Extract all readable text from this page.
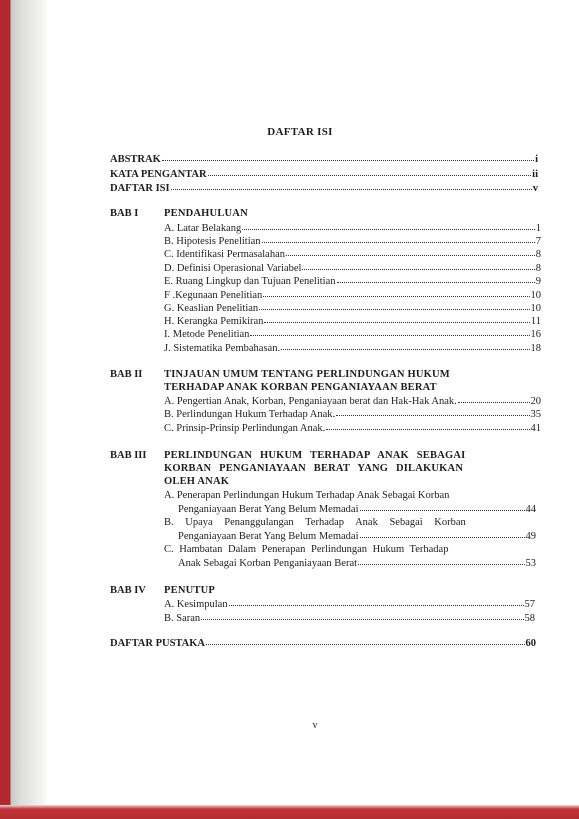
DAFTAR ISI
ABSTRAK	i
KATA PENGANTAR	ii
DAFTAR ISI	v
BAB I PENDAHULUAN
A. Latar Belakang	1
B. Hipotesis Penelitian	7
C. Identifikasi Permasalahan	8
D. Definisi Operasional Variabel	8
E. Ruang Lingkup dan Tujuan Penelitian	9
F .Kegunaan Penelitian	10
G. Keaslian Penelitian	10
H. Kerangka Pemikiran	11
I. Metode Penelitian	16
J. Sistematika Pembahasan.	18
BAB II TINJAUAN UMUM TENTANG PERLINDUNGAN HUKUM
TERHADAP ANAK KORBAN PENGANIAYAAN BERAT
A. Pengertian Anak, Korban, Penganiayaan berat dan Hak-Hak Anak.	20
B. Perlindungan Hukum Terhadap Anak.	35
C. Prinsip-Prinsip Perlindungan Anak.	41
BAB III PERLINDUNGAN HUKUM TERHADAP ANAK SEBAGAI
KORBAN PENGANIAYAAN BERAT YANG DILAKUKAN
OLEH ANAK
A. Penerapan Perlindungan Hukum Terhadap Anak Sebagai Korban
Penganiayaan Berat Yang Belum Memadai	44
B. Upaya Penanggulangan Terhadap Anak Sebagai Korban
Penganiayaan Berat Yang Belum Memadai	49
C. Hambatan Dalam Penerapan Perlindungan Hukum Terhadap
Anak Sebagai Korban Penganiayaan Berat	53
BAB IV PENUTUP
A. Kesimpulan	57
B. Saran	58
DAFTAR PUSTAKA	60
v
